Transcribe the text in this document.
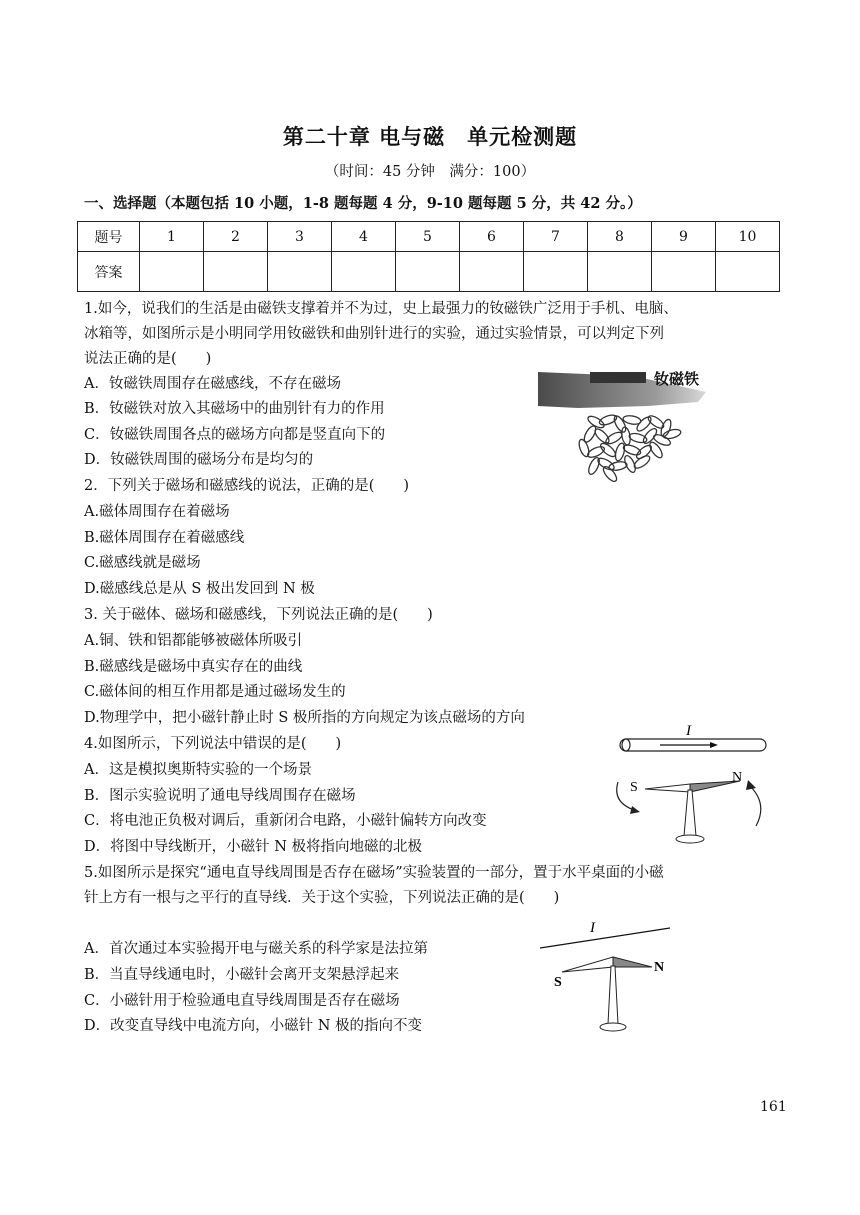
第二十章 电与磁　单元检测题
（时间：45 分钟　满分：100）
一、选择题（本题包括 10 小题，1-8 题每题 4 分，9-10 题每题 5 分，共 42 分。）
题号	1	2	3	4	5	6	7	8	9	10
答案										
1.如今，说我们的生活是由磁铁支撑着并不为过，史上最强力的钕磁铁广泛用于手机、电脑、
冰箱等，如图所示是小明同学用钕磁铁和曲别针进行的实验，通过实验情景，可以判定下列
说法正确的是(　　)
A．钕磁铁周围存在磁感线，不存在磁场
B．钕磁铁对放入其磁场中的曲别针有力的作用
C．钕磁铁周围各点的磁场方向都是竖直向下的
D．钕磁铁周围的磁场分布是均匀的
钕磁铁
2．下列关于磁场和磁感线的说法，正确的是(　　)
A.磁体周围存在着磁场
B.磁体周围存在着磁感线
C.磁感线就是磁场
D.磁感线总是从 S 极出发回到 N 极
3. 关于磁体、磁场和磁感线，下列说法正确的是(　　)
A.铜、铁和铝都能够被磁体所吸引
B.磁感线是磁场中真实存在的曲线
C.磁体间的相互作用都是通过磁场发生的
D.物理学中，把小磁针静止时 S 极所指的方向规定为该点磁场的方向
4.如图所示，下列说法中错误的是(　　)
A．这是模拟奥斯特实验的一个场景
B．图示实验说明了通电导线周围存在磁场
C．将电池正负极对调后，重新闭合电路，小磁针偏转方向改变
D．将图中导线断开，小磁针 N 极将指向地磁的北极
I
S
N
5.如图所示是探究“通电直导线周围是否存在磁场”实验装置的一部分，置于水平桌面的小磁
针上方有一根与之平行的直导线．关于这个实验，下列说法正确的是(　　)
A．首次通过本实验揭开电与磁关系的科学家是法拉第
B．当直导线通电时，小磁针会离开支架悬浮起来
C．小磁针用于检验通电直导线周围是否存在磁场
D．改变直导线中电流方向，小磁针 N 极的指向不变
I
S
N
161
